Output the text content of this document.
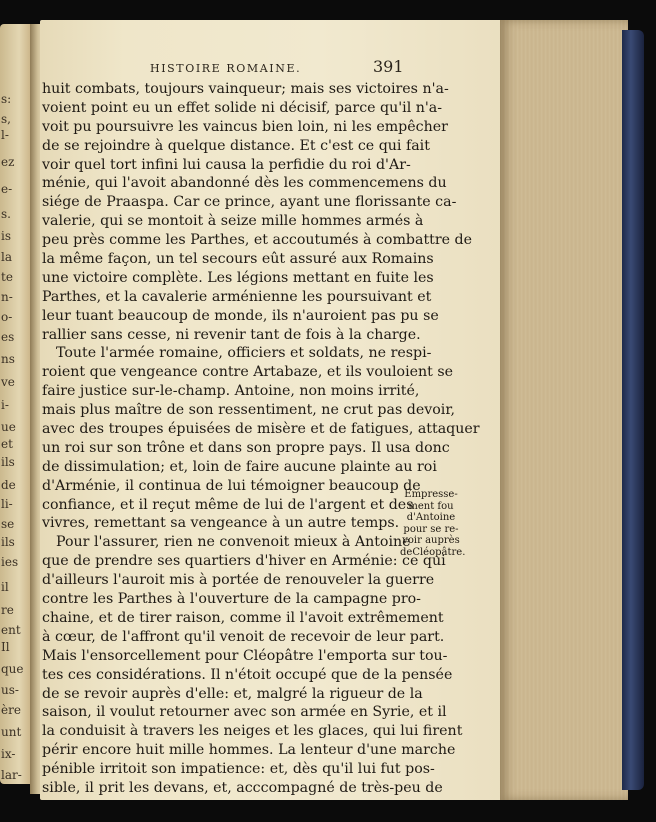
s:
s,
l-
ez
e-
s.
is
la
te
n-
o-
es
ns
ve
i-
ue
et
ils
de
li-
se
ils
ies
il
re
ent
Il
que
us-
ère
unt
ix-
lar-
HISTOIRE ROMAINE.	391
huit combats, toujours vainqueur; mais ses victoires n'a-
voient point eu un effet solide ni décisif, parce qu'il n'a-
voit pu poursuivre les vaincus bien loin, ni les empêcher
de se rejoindre à quelque distance. Et c'est ce qui fait
voir quel tort infini lui causa la perfidie du roi d'Ar-
ménie, qui l'avoit abandonné dès les commencemens du
siége de Praaspa. Car ce prince, ayant une florissante ca-
valerie, qui se montoit à seize mille hommes armés à
peu près comme les Parthes, et accoutumés à combattre de
la même façon, un tel secours eût assuré aux Romains
une victoire complète. Les légions mettant en fuite les
Parthes, et la cavalerie arménienne les poursuivant et
leur tuant beaucoup de monde, ils n'auroient pas pu se
rallier sans cesse, ni revenir tant de fois à la charge.
Toute l'armée romaine, officiers et soldats, ne respi-
roient que vengeance contre Artabaze, et ils vouloient se
faire justice sur-le-champ. Antoine, non moins irrité,
mais plus maître de son ressentiment, ne crut pas devoir,
avec des troupes épuisées de misère et de fatigues, attaquer
un roi sur son trône et dans son propre pays. Il usa donc
de dissimulation; et, loin de faire aucune plainte au roi
d'Arménie, il continua de lui témoigner beaucoup de
confiance, et il reçut même de lui de l'argent et des
vivres, remettant sa vengeance à un autre temps.
Pour l'assurer, rien ne convenoit mieux à Antoine
que de prendre ses quartiers d'hiver en Arménie: ce qui
d'ailleurs l'auroit mis à portée de renouveler la guerre
contre les Parthes à l'ouverture de la campagne pro-
chaine, et de tirer raison, comme il l'avoit extrêmement
à cœur, de l'affront qu'il venoit de recevoir de leur part.
Mais l'ensorcellement pour Cléopâtre l'emporta sur tou-
tes ces considérations. Il n'étoit occupé que de la pensée
de se revoir auprès d'elle: et, malgré la rigueur de la
saison, il voulut retourner avec son armée en Syrie, et il
la conduisit à travers les neiges et les glaces, qui lui firent
périr encore huit mille hommes. La lenteur d'une marche
pénible irritoit son impatience: et, dès qu'il lui fut pos-
sible, il prit les devans, et, acccompagné de très-peu de
Empresse-
ment fou
d'Antoine
pour se re-
voir auprès
deCléopâtre.
